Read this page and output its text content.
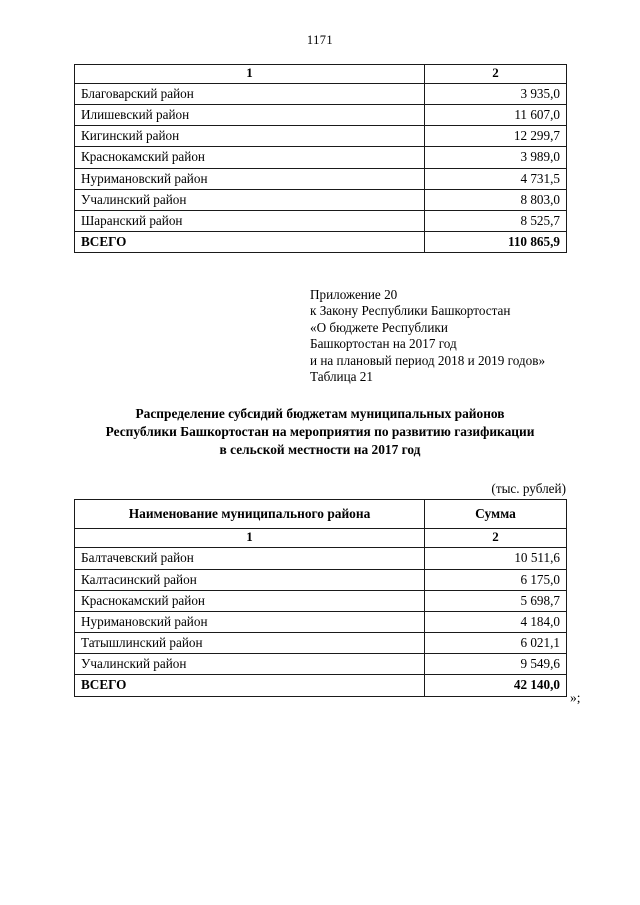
1171
1	2
Благоварский район	3 935,0
Илишевский район	11 607,0
Кигинский район	12 299,7
Краснокамский район	3 989,0
Нуримановский район	4 731,5
Учалинский район	8 803,0
Шаранский район	8 525,7
ВСЕГО	110 865,9
Приложение 20
к Закону Республики Башкортостан
«О бюджете Республики
Башкортостан на 2017 год
и на плановый период 2018 и 2019 годов»
Таблица 21
Распределение субсидий бюджетам муниципальных районов
Республики Башкортостан на мероприятия по развитию газификации
в сельской местности на 2017 год
(тыс. рублей)
Наименование муниципального района	Сумма
1	2
Балтачевский район	10 511,6
Калтасинский район	6 175,0
Краснокамский район	5 698,7
Нуримановский район	4 184,0
Татышлинский район	6 021,1
Учалинский район	9 549,6
ВСЕГО	42 140,0
»;
